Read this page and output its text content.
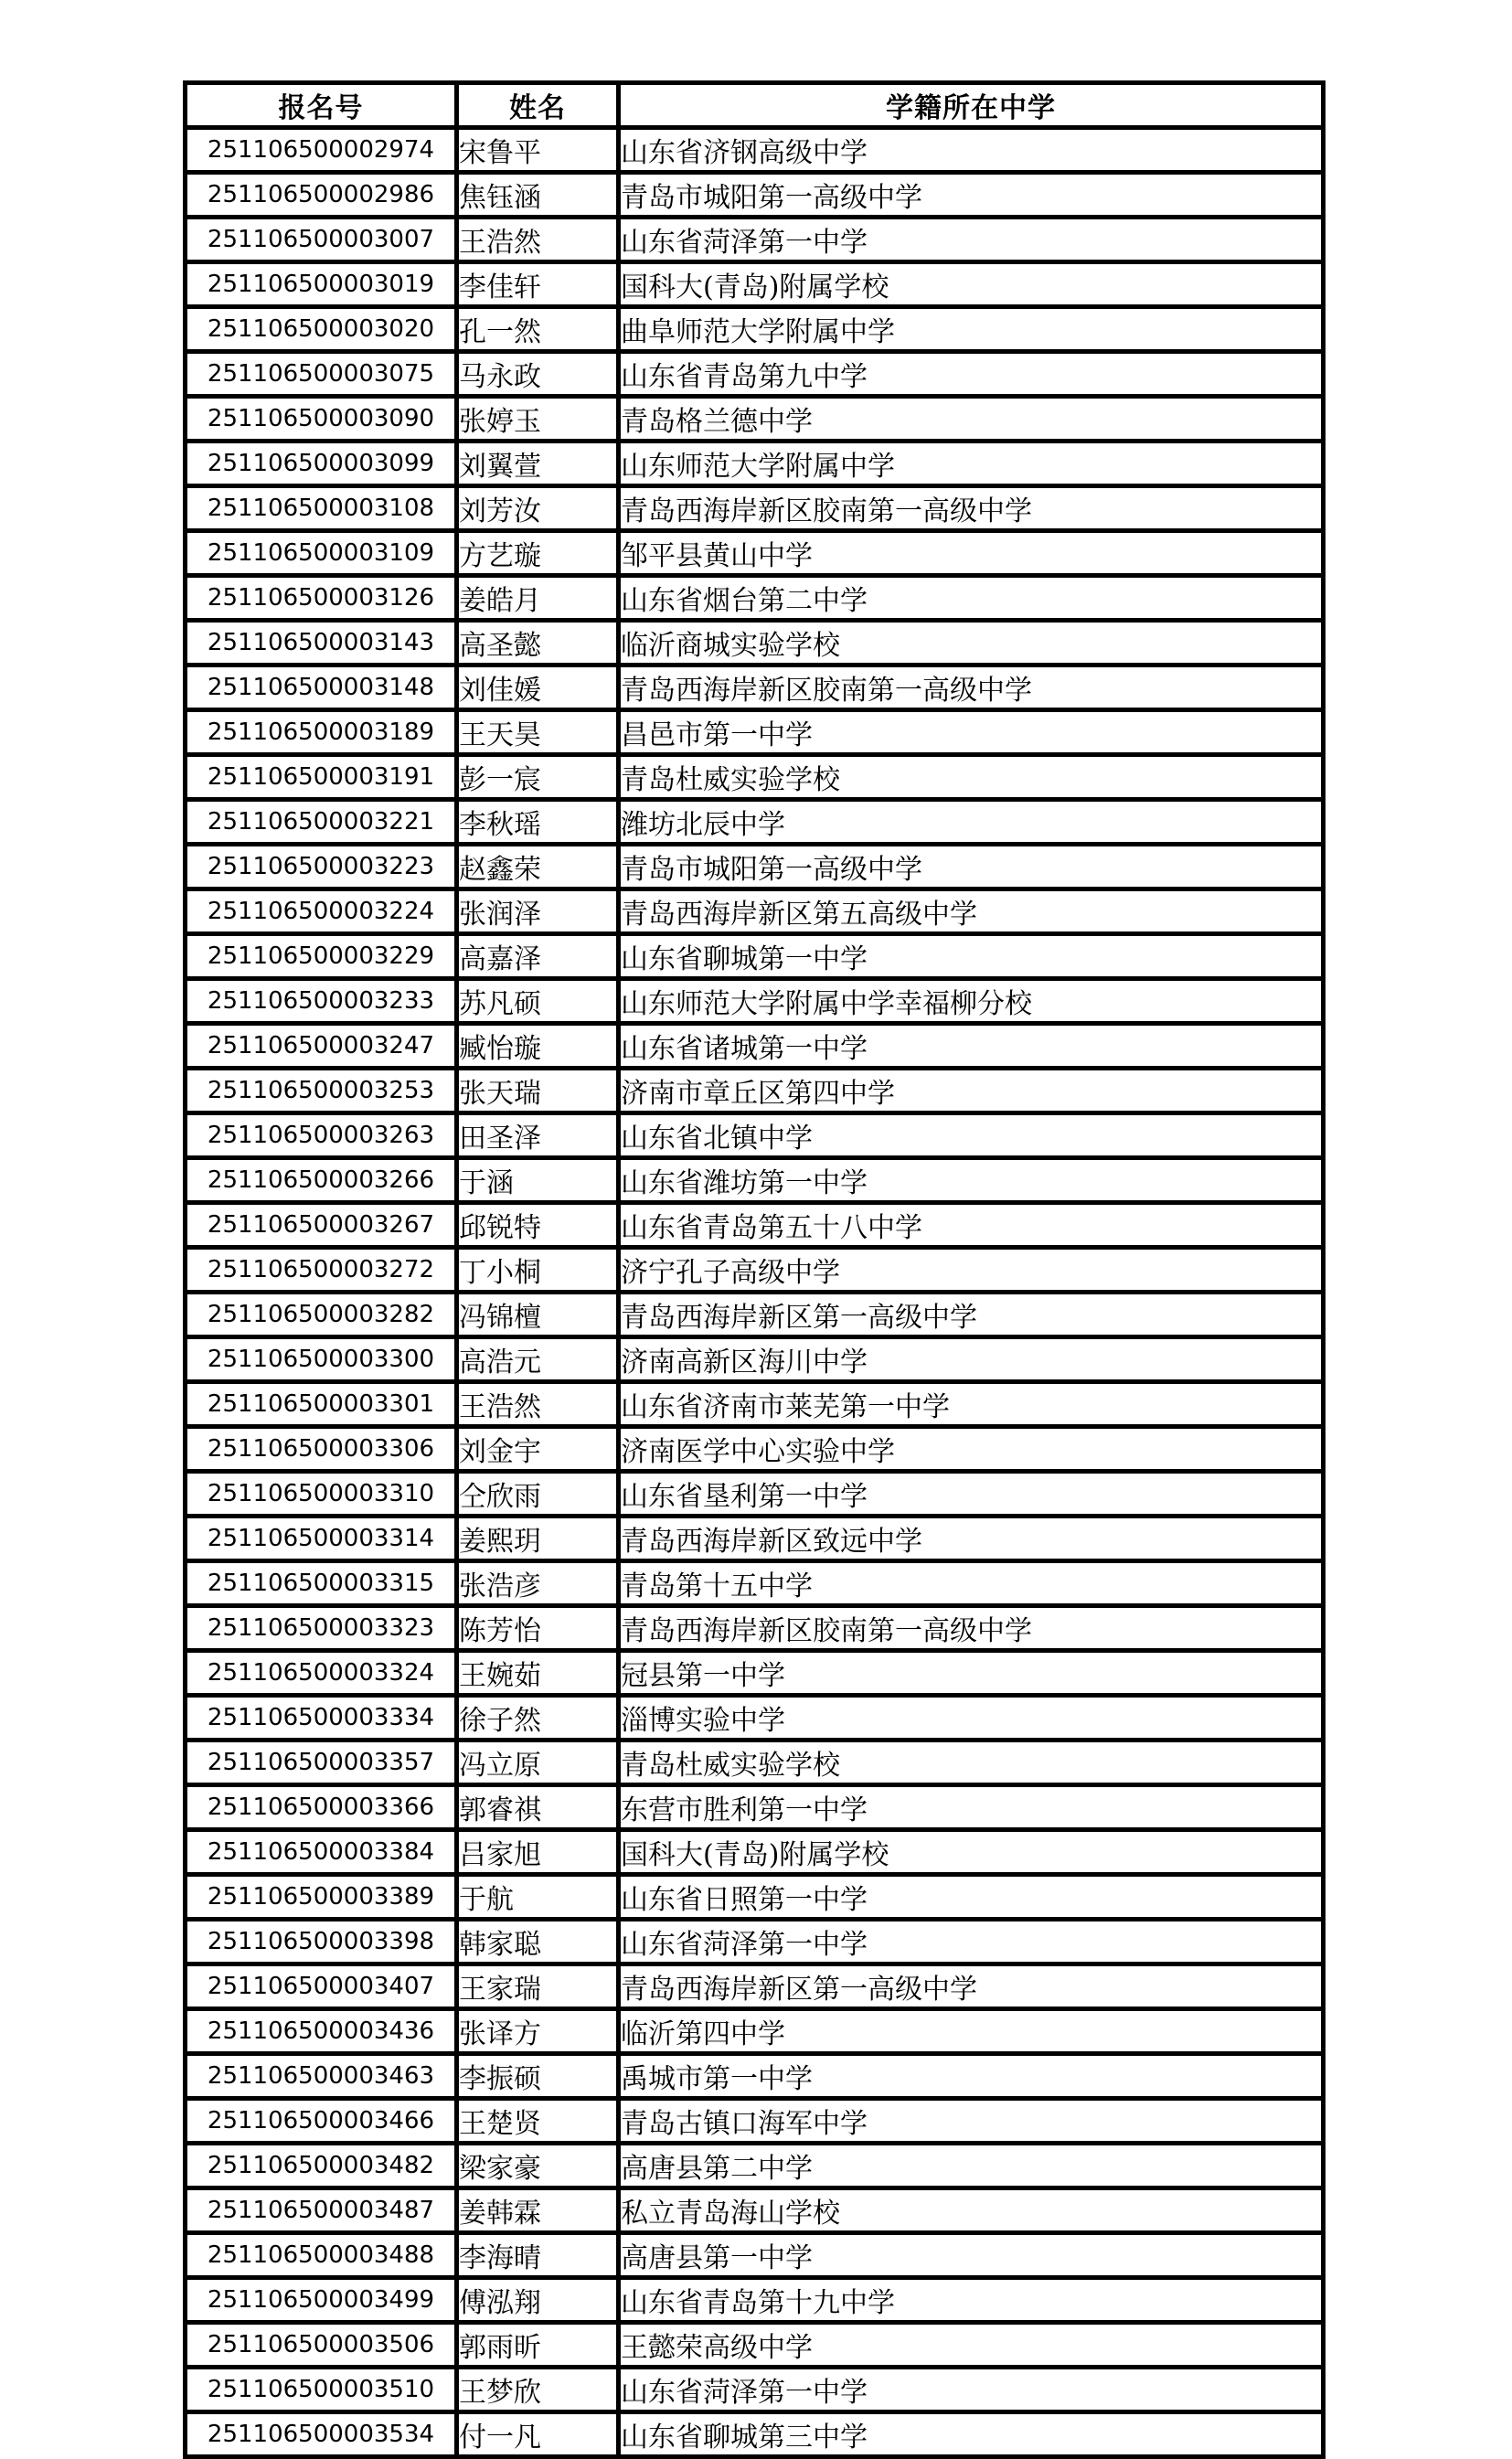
报名号	姓名	学籍所在中学
251106500002974	宋鲁平	山东省济钢高级中学
251106500002986	焦钰涵	青岛市城阳第一高级中学
251106500003007	王浩然	山东省菏泽第一中学
251106500003019	李佳轩	国科大(青岛)附属学校
251106500003020	孔一然	曲阜师范大学附属中学
251106500003075	马永政	山东省青岛第九中学
251106500003090	张婷玉	青岛格兰德中学
251106500003099	刘翼萱	山东师范大学附属中学
251106500003108	刘芳汝	青岛西海岸新区胶南第一高级中学
251106500003109	方艺璇	邹平县黄山中学
251106500003126	姜皓月	山东省烟台第二中学
251106500003143	高圣懿	临沂商城实验学校
251106500003148	刘佳媛	青岛西海岸新区胶南第一高级中学
251106500003189	王天昊	昌邑市第一中学
251106500003191	彭一宸	青岛杜威实验学校
251106500003221	李秋瑶	潍坊北辰中学
251106500003223	赵鑫荣	青岛市城阳第一高级中学
251106500003224	张润泽	青岛西海岸新区第五高级中学
251106500003229	高嘉泽	山东省聊城第一中学
251106500003233	苏凡硕	山东师范大学附属中学幸福柳分校
251106500003247	臧怡璇	山东省诸城第一中学
251106500003253	张天瑞	济南市章丘区第四中学
251106500003263	田圣泽	山东省北镇中学
251106500003266	于涵	山东省潍坊第一中学
251106500003267	邱锐特	山东省青岛第五十八中学
251106500003272	丁小桐	济宁孔子高级中学
251106500003282	冯锦檀	青岛西海岸新区第一高级中学
251106500003300	高浩元	济南高新区海川中学
251106500003301	王浩然	山东省济南市莱芜第一中学
251106500003306	刘金宇	济南医学中心实验中学
251106500003310	仝欣雨	山东省垦利第一中学
251106500003314	姜熙玥	青岛西海岸新区致远中学
251106500003315	张浩彦	青岛第十五中学
251106500003323	陈芳怡	青岛西海岸新区胶南第一高级中学
251106500003324	王婉茹	冠县第一中学
251106500003334	徐子然	淄博实验中学
251106500003357	冯立原	青岛杜威实验学校
251106500003366	郭睿祺	东营市胜利第一中学
251106500003384	吕家旭	国科大(青岛)附属学校
251106500003389	于航	山东省日照第一中学
251106500003398	韩家聪	山东省菏泽第一中学
251106500003407	王家瑞	青岛西海岸新区第一高级中学
251106500003436	张译方	临沂第四中学
251106500003463	李振硕	禹城市第一中学
251106500003466	王楚贤	青岛古镇口海军中学
251106500003482	梁家豪	高唐县第二中学
251106500003487	姜韩霖	私立青岛海山学校
251106500003488	李海晴	高唐县第一中学
251106500003499	傅泓翔	山东省青岛第十九中学
251106500003506	郭雨昕	王懿荣高级中学
251106500003510	王梦欣	山东省菏泽第一中学
251106500003534	付一凡	山东省聊城第三中学
